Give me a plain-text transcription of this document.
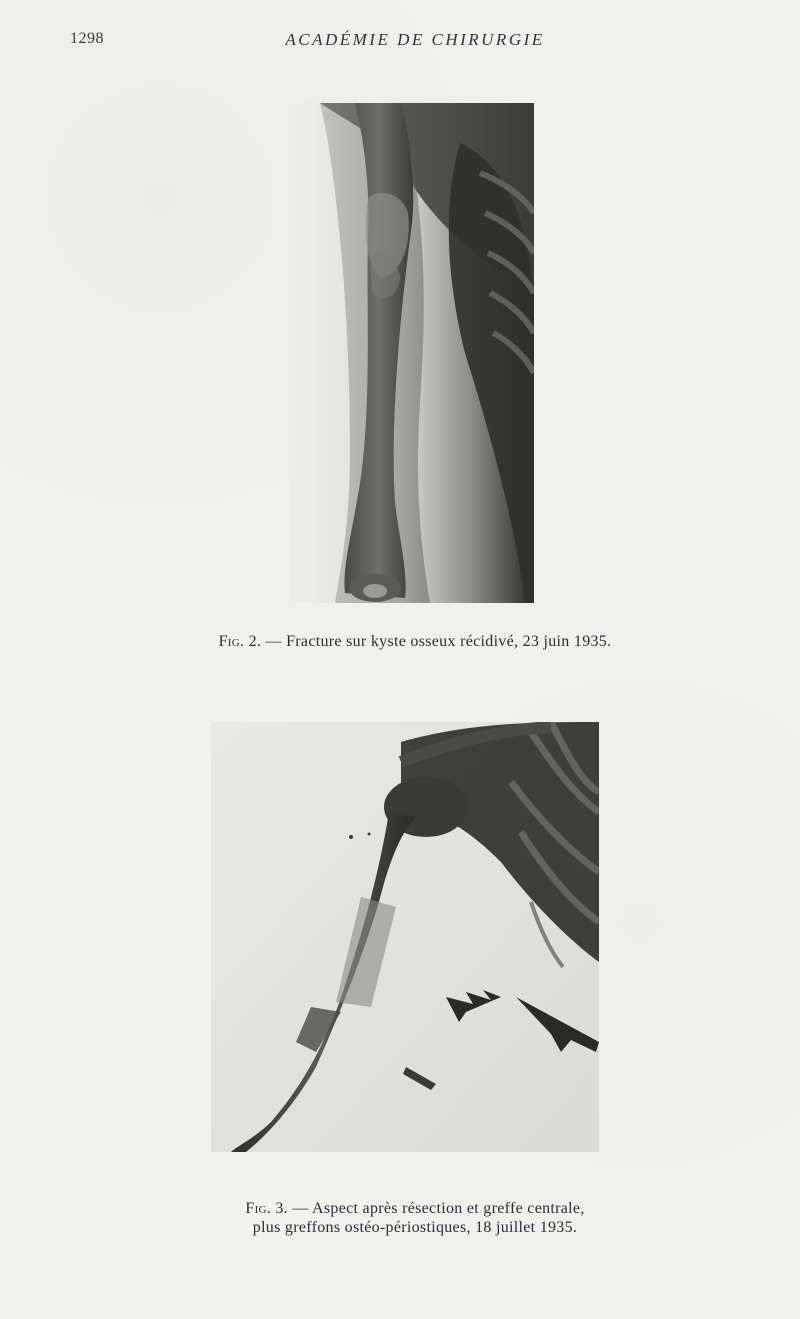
1298	ACADÉMIE DE CHIRURGIE
Fig. 2. — Fracture sur kyste osseux récidivé, 23 juin 1935.
Fig. 3. — Aspect après résection et greffe centrale,
plus greffons ostéo-périostiques, 18 juillet 1935.
